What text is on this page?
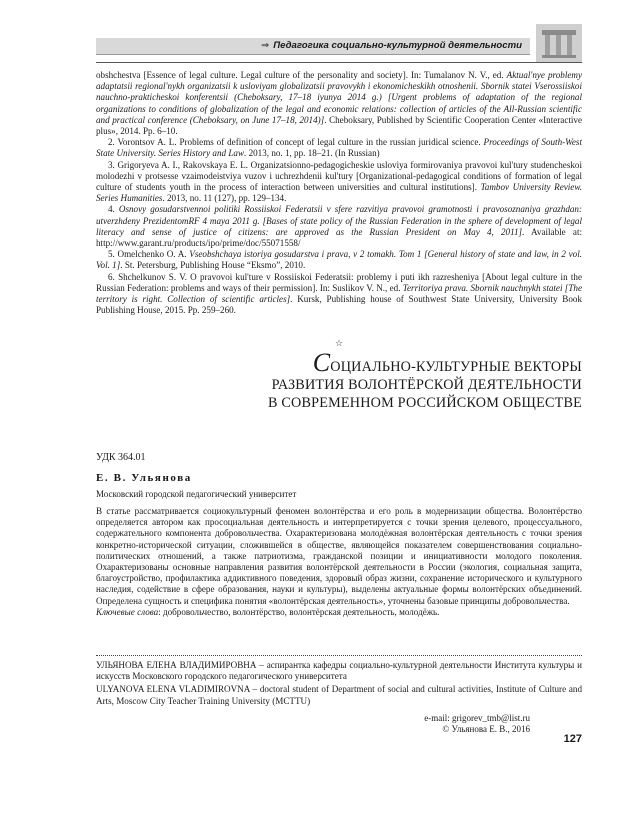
⇒ Педагогика социально-культурной деятельности

obshchestva [Essence of legal culture. Legal culture of the personality and society]. In: Tumalanov N. V., ed. Aktual'nye problemy adaptatsii regional'nykh organizatsii k usloviyam globalizatsii pravovykh i ekonomicheskikh otnoshenii. Sbornik statei Vserossiiskoi nauchno-prakticheskoi konferentsii (Cheboksary, 17–18 iyunya 2014 g.) [Urgent problems of adaptation of the regional organizations to conditions of globalization of the legal and economic relations: collection of articles of the All-Russian scientific and practical conference (Cheboksary, on June 17–18, 2014)]. Cheboksary, Published by Scientific Cooperation Center «Interactive plus», 2014. Pp. 6–10.

2. Vorontsov A. L. Problems of definition of concept of legal culture in the russian juridical science. Proceedings of South-West State University. Series History and Law. 2013, no. 1, pp. 18–21. (In Russian)

3. Grigoryeva A. I., Rakovskaya E. L. Organizatsionno-pedagogicheskie usloviya formirovaniya pravovoi kul'tury studencheskoi molodezhi v protsesse vzaimodeistviya vuzov i uchrezhdenii kul'tury [Organizational-pedagogical conditions of formation of legal culture of students youth in the process of interaction between universities and cultural institutions]. Tambov University Review. Series Humanities. 2013, no. 11 (127), pp. 129–134.

4. Osnovy gosudarstvennoi politiki Rossiiskoi Federatsii v sfere razvitiya pravovoi gramotnosti i pravosoznaniya grazhdan: utverzhdeny PrezidentomRF 4 maya 2011 g. [Bases of state policy of the Russian Federation in the sphere of development of legal literacy and sense of justice of citizens: are approved as the Russian President on May 4, 2011]. Available at: http://www.garant.ru/products/ipo/prime/doc/55071558/

5. Omelchenko O. A. Vseobshchaya istoriya gosudarstva i prava, v 2 tomakh. Tom 1 [General history of state and law, in 2 vol. Vol. 1]. St. Petersburg, Publishing House “Eksmo”, 2010.

6. Shchelkunov S. V. O pravovoi kul'ture v Rossiiskoi Federatsii: problemy i puti ikh razresheniya [About legal culture in the Russian Federation: problems and ways of their permission]. In: Suslikov V. N., ed. Territoriya prava. Sbornik nauchnykh statei [The territory is right. Collection of scientific articles]. Kursk, Publishing house of Southwest State University, University Book Publishing House, 2015. Pp. 259–260.

☆
СОЦИАЛЬНО-КУЛЬТУРНЫЕ ВЕКТОРЫ
РАЗВИТИЯ ВОЛОНТЁРСКОЙ ДЕЯТЕЛЬНОСТИ
В СОВРЕМЕННОМ РОССИЙСКОМ ОБЩЕСТВЕ
УДК 364.01
Е. В. Ульянова
Московский городской педагогический университет

В статье рассматривается социокультурный феномен волонтёрства и его роль в модернизации общества. Волонтёрство определяется автором как просоциальная деятельность и интерпретируется с точки зрения целевого, процессуального, содержательного компонента добровольчества. Охарактеризована молодёжная волонтёрская деятельность с точки зрения конкретно-исторической ситуации, сложившейся в обществе, являющейся показателем совершенствования социально-политических отношений, а также патриотизма, гражданской позиции и инициативности молодого поколения. Охарактеризованы основные направления развития волонтёрской деятельности в России (экология, социальная защита, благоустройство, профилактика аддиктивного поведения, здоровый образ жизни, сохранение исторического и культурного наследия, содействие в сфере образования, науки и культуры), выделены актуальные формы волонтёрских объединений. Определена сущность и специфика понятия «волонтёрская деятельность», уточнены базовые принципы добровольчества.

Ключевые слова: добровольчество, волонтёрство, волонтёрская деятельность, молодёжь.

УЛЬЯНОВА ЕЛЕНА ВЛАДИМИРОВНА – аспирантка кафедры социально-культурной деятельности Института культуры и искусств Московского городского педагогического университета

ULYANOVA ELENA VLADIMIROVNA – doctoral student of Department of social and cultural activities, Institute of Culture and Arts, Moscow City Teacher Training University (MCTTU)

e-mail: grigorev_tmb@list.ru
© Ульянова Е. В., 2016
127
